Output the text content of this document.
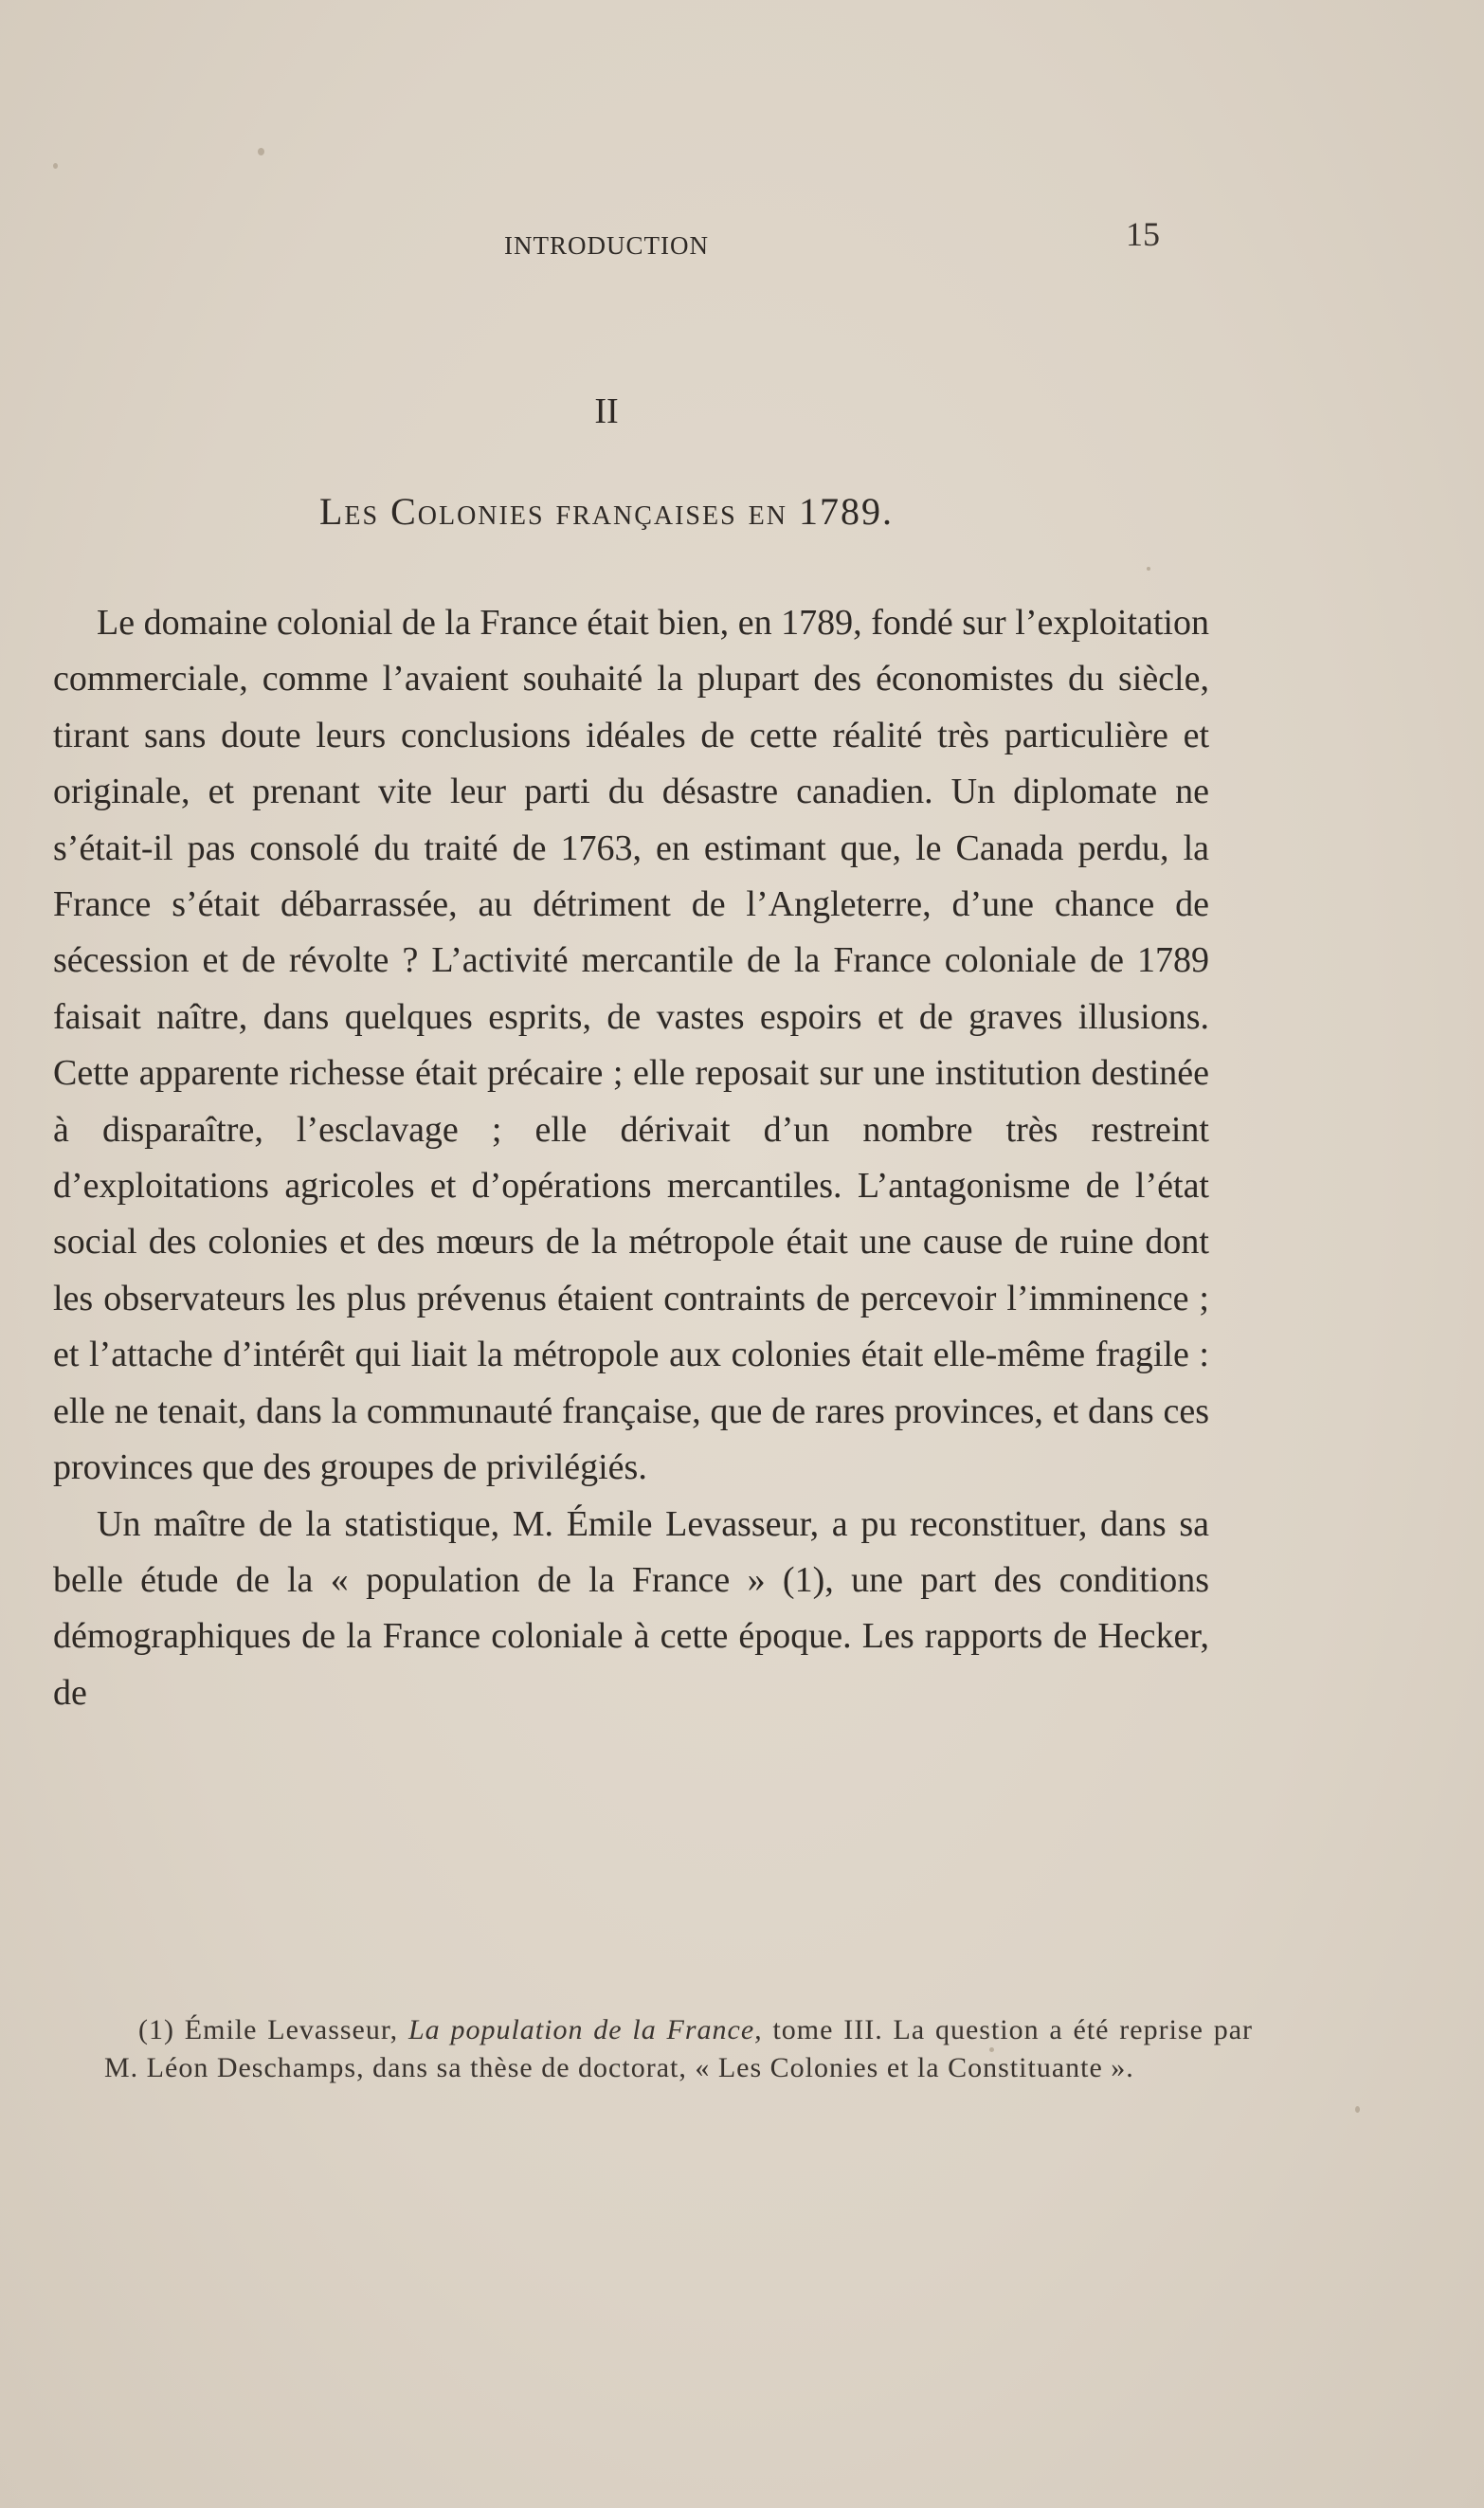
INTRODUCTION	15
II
Les Colonies françaises en 1789.

Le domaine colonial de la France était bien, en 1789, fondé sur l’exploitation commerciale, comme l’avaient souhaité la plupart des économistes du siècle, tirant sans doute leurs conclusions idéales de cette réalité très particulière et originale, et prenant vite leur parti du désastre canadien. Un diplomate ne s’était-il pas consolé du traité de 1763, en estimant que, le Canada perdu, la France s’était débarrassée, au détriment de l’Angleterre, d’une chance de sécession et de révolte ? L’activité mercantile de la France coloniale de 1789 faisait naître, dans quelques esprits, de vastes espoirs et de graves illusions. Cette apparente richesse était précaire ; elle reposait sur une institution destinée à disparaître, l’esclavage ; elle dérivait d’un nombre très restreint d’exploitations agricoles et d’opérations mercantiles. L’antagonisme de l’état social des colonies et des mœurs de la métropole était une cause de ruine dont les observateurs les plus prévenus étaient contraints de percevoir l’imminence ; et l’attache d’intérêt qui liait la métropole aux colonies était elle-même fragile : elle ne tenait, dans la communauté française, que de rares provinces, et dans ces provinces que des groupes de privilégiés.

Un maître de la statistique, M. Émile Levasseur, a pu reconstituer, dans sa belle étude de la « population de la France » (1), une part des conditions démographiques de la France coloniale à cette époque. Les rapports de Hecker, de

(1) Émile Levasseur, La population de la France, tome III. La question a été reprise par M. Léon Deschamps, dans sa thèse de doctorat, « Les Colonies et la Constituante ».
